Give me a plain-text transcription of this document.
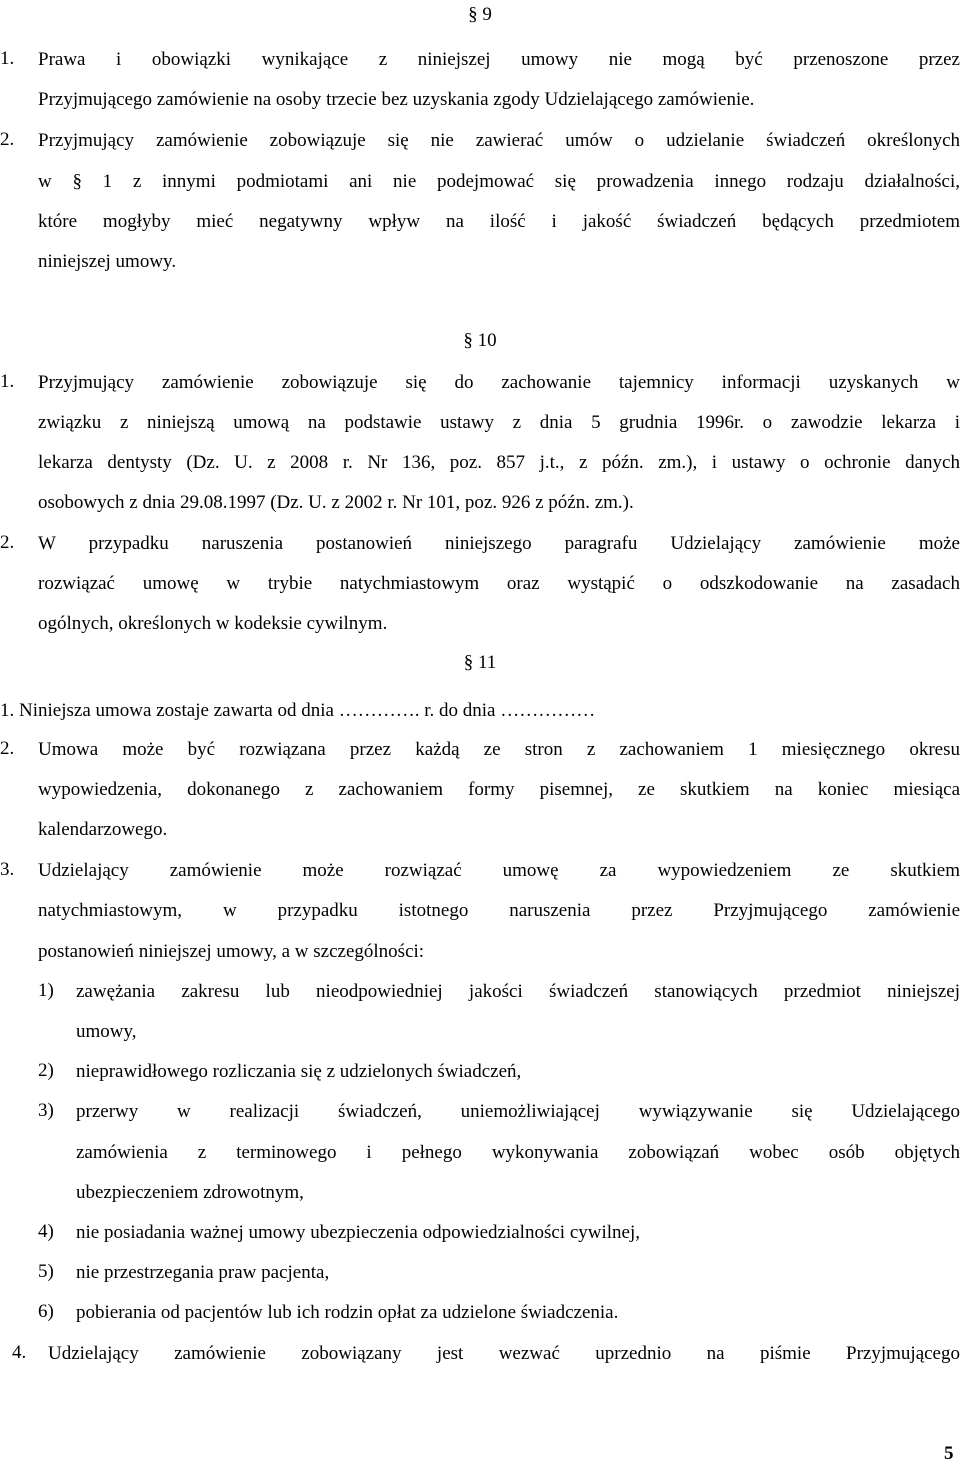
§ 9
1. Prawa i obowiązki wynikające z niniejszej umowy nie mogą być przenoszone przez
Przyjmującego zamówienie na osoby trzecie bez uzyskania zgody Udzielającego zamówienie.
2. Przyjmujący zamówienie zobowiązuje się nie zawierać umów o udzielanie świadczeń określonych
w § 1 z innymi podmiotami ani nie podejmować się prowadzenia innego rodzaju działalności,
które mogłyby mieć negatywny wpływ na ilość i jakość świadczeń będących przedmiotem
niniejszej umowy.
§ 10
1. Przyjmujący zamówienie zobowiązuje się do zachowanie tajemnicy informacji uzyskanych w
związku z niniejszą umową na podstawie ustawy z dnia 5 grudnia 1996r. o zawodzie lekarza i
lekarza dentysty (Dz. U. z 2008 r. Nr 136, poz. 857 j.t., z późn. zm.), i ustawy o ochronie danych
osobowych z dnia 29.08.1997 (Dz. U. z 2002 r. Nr 101, poz. 926 z późn. zm.).
2. W przypadku naruszenia postanowień niniejszego paragrafu Udzielający zamówienie może
rozwiązać umowę w trybie natychmiastowym oraz wystąpić o odszkodowanie na zasadach
ogólnych, określonych w kodeksie cywilnym.
§ 11
1. Niniejsza umowa zostaje zawarta od dnia …………. r. do dnia ……………
2. Umowa może być rozwiązana przez każdą ze stron z zachowaniem 1 miesięcznego okresu
wypowiedzenia, dokonanego z zachowaniem formy pisemnej, ze skutkiem na koniec miesiąca
kalendarzowego.
3. Udzielający zamówienie może rozwiązać umowę za wypowiedzeniem ze skutkiem
natychmiastowym, w przypadku istotnego naruszenia przez Przyjmującego zamówienie
postanowień niniejszej umowy, a w szczególności:
1) zawężania zakresu lub nieodpowiedniej jakości świadczeń stanowiących przedmiot niniejszej
umowy,
2) nieprawidłowego rozliczania się z udzielonych świadczeń,
3) przerwy w realizacji świadczeń, uniemożliwiającej wywiązywanie się Udzielającego
zamówienia z terminowego i pełnego wykonywania zobowiązań wobec osób objętych
ubezpieczeniem zdrowotnym,
4) nie posiadania ważnej umowy ubezpieczenia odpowiedzialności cywilnej,
5) nie przestrzegania praw pacjenta,
6) pobierania od pacjentów lub ich rodzin opłat za udzielone świadczenia.
4. Udzielający zamówienie zobowiązany jest wezwać uprzednio na piśmie Przyjmującego
5
